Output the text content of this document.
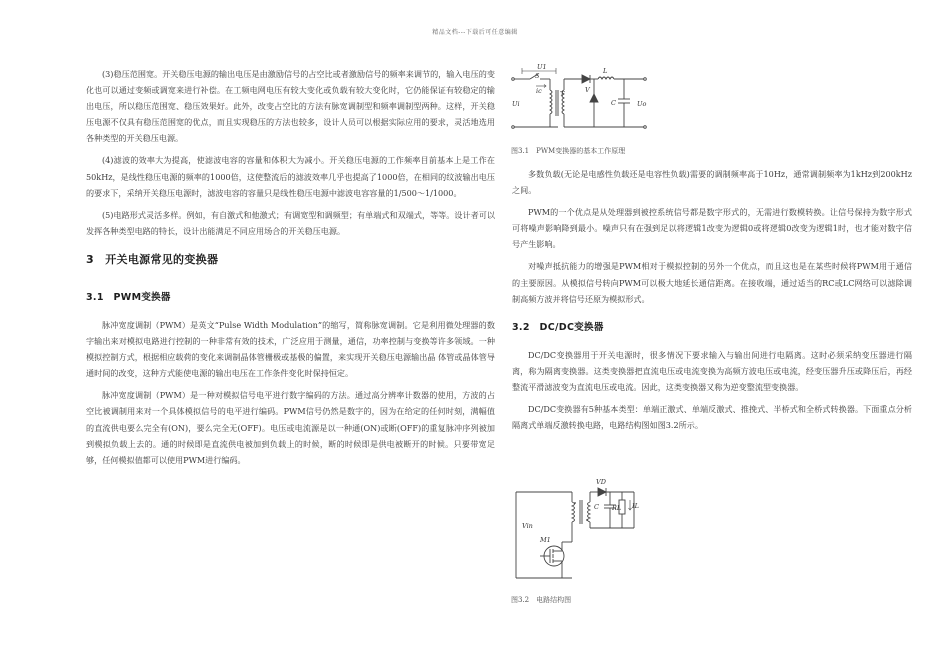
精品文档---下载后可任意编辑

(3)稳压范围宽。开关稳压电源的输出电压是由激励信号的占空比或者激励信号的频率来调节的，输入电压的变化也可以通过变频或调宽来进行补偿。在工频电网电压有较大变化或负载有较大变化时，它仍能保证有较稳定的输出电压，所以稳压范围宽、稳压效果好。此外，改变占空比的方法有脉宽调制型和频率调制型两种。这样，开关稳压电源不仅具有稳压范围宽的优点，而且实现稳压的方法也较多，设计人员可以根据实际应用的要求，灵活地选用各种类型的开关稳压电源。

(4)滤波的效率大为提高，使滤波电容的容量和体积大为减小。开关稳压电源的工作频率目前基本上是工作在50kHz，是线性稳压电源的频率的1000倍，这使整流后的滤波效率几乎也提高了1000倍，在相同的纹波输出电压的要求下，采纳开关稳压电源时，滤波电容的容量只是线性稳压电源中滤波电容容量的1/500～1/1000。

(5)电路形式灵活多样。例如，有自激式和他激式；有调宽型和调频型；有单端式和双端式，等等。设计者可以发挥各种类型电路的特长，设计出能满足不同应用场合的开关稳压电源。

3　开关电源常见的变换器
3.1　PWM变换器

脉冲宽度调制（PWM）是英文“Pulse Width Modulation”的缩写，简称脉宽调制。它是利用微处理器的数字输出来对模拟电路进行控制的一种非常有效的技术，广泛应用于测量，通信，功率控制与变换等许多领域。一种模拟控制方式，根据相应载荷的变化来调制晶体管栅极或基极的偏置，来实现开关稳压电源输出晶 体管或晶体管导通时间的改变，这种方式能使电源的输出电压在工作条件变化时保持恒定。

脉冲宽度调制（PWM）是一种对模拟信号电平进行数字编码的方法。通过高分辨率计数器的使用，方波的占空比被调制用来对一个具体模拟信号的电平进行编码。PWM信号仍然是数字的，因为在给定的任何时刻，满幅值的直流供电要么完全有(ON)，要么完全无(OFF)。电压或电流源是以一种通(ON)或断(OFF)的重复脉冲序列被加到模拟负载上去的。通的时候即是直流供电被加到负载上的时候，断的时候即是供电被断开的时候。只要带宽足够，任何模拟值都可以使用PWM进行编码。

U1
S
ic
Ui
T
L
V
C	Uo
图3.1　PWM变换器的基本工作原理

多数负载(无论是电感性负载还是电容性负载)需要的调制频率高于10Hz，通常调制频率为1kHz到200kHz之间。

PWM的一个优点是从处理器到被控系统信号都是数字形式的，无需进行数模转换。让信号保持为数字形式可将噪声影响降到最小。噪声只有在强到足以将逻辑1改变为逻辑0或将逻辑0改变为逻辑1时，也才能对数字信号产生影响。

对噪声抵抗能力的增强是PWM相对于模拟控制的另外一个优点，而且这也是在某些时候将PWM用于通信的主要原因。从模拟信号转向PWM可以极大地延长通信距离。在接收端，通过适当的RC或LC网络可以滤除调制高频方波并将信号还原为模拟形式。

3.2　DC/DC变换器

DC/DC变换器用于开关电源时，很多情况下要求输入与输出间进行电隔离。这时必须采纳变压器进行隔离，称为隔离变换器。这类变换器把直流电压或电流变换为高频方波电压或电流，经变压器升压或降压后，再经整流平滑滤波变为直流电压或电流。因此，这类变换器又称为逆变整流型变换器。

DC/DC变换器有5种基本类型：单端正激式、单端反激式、推挽式、半桥式和全桥式转换器。下面重点分析隔离式单端反激转换电路，电路结构图如图3.2所示。

VD
C RL IL
Vin
M1
图3.2　电路结构图
